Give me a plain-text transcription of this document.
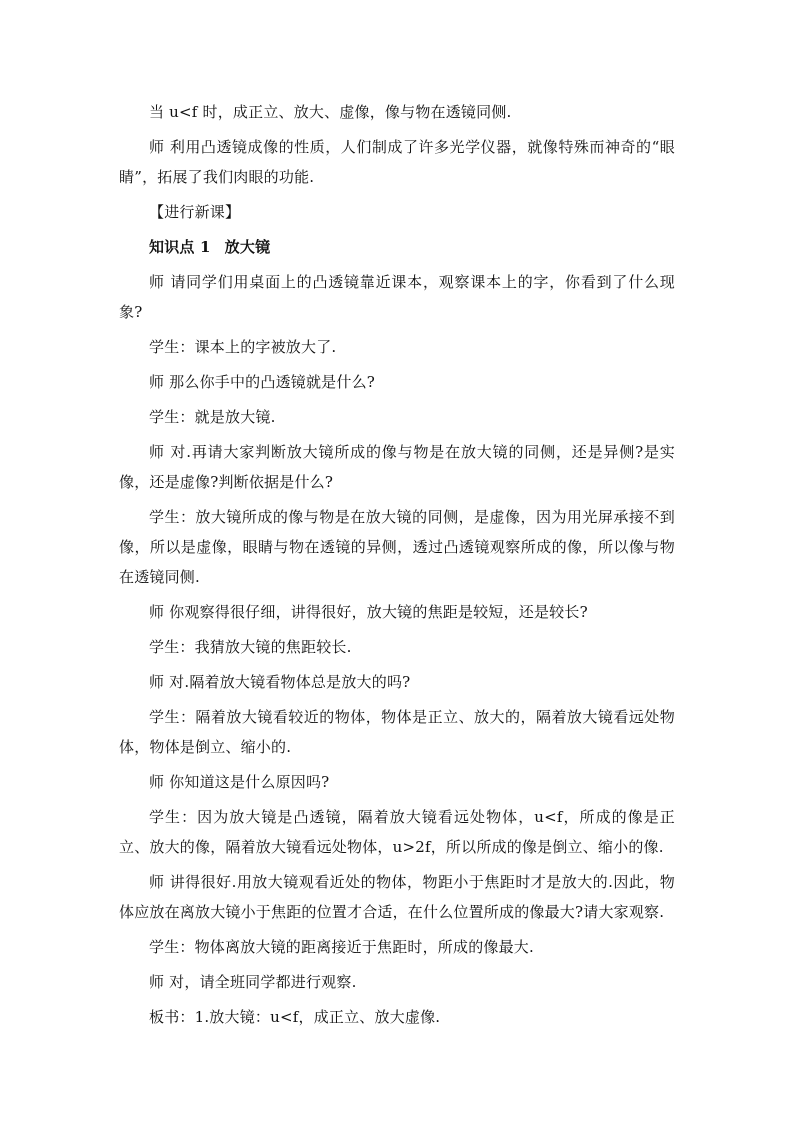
当 u<f 时，成正立、放大、虚像，像与物在透镜同侧.

师 利用凸透镜成像的性质，人们制成了许多光学仪器，就像特殊而神奇的“眼睛”，拓展了我们肉眼的功能.

【进行新课】

知识点 1 放大镜

师 请同学们用桌面上的凸透镜靠近课本，观察课本上的字，你看到了什么现象?

学生：课本上的字被放大了.

师 那么你手中的凸透镜就是什么?

学生：就是放大镜.

师 对.再请大家判断放大镜所成的像与物是在放大镜的同侧，还是异侧?是实像，还是虚像?判断依据是什么?

学生：放大镜所成的像与物是在放大镜的同侧，是虚像，因为用光屏承接不到像，所以是虚像，眼睛与物在透镜的异侧，透过凸透镜观察所成的像，所以像与物在透镜同侧.

师 你观察得很仔细，讲得很好，放大镜的焦距是较短，还是较长?

学生：我猜放大镜的焦距较长.

师 对.隔着放大镜看物体总是放大的吗?

学生：隔着放大镜看较近的物体，物体是正立、放大的，隔着放大镜看远处物体，物体是倒立、缩小的.

师 你知道这是什么原因吗?

学生：因为放大镜是凸透镜，隔着放大镜看远处物体，u<f，所成的像是正立、放大的像，隔着放大镜看远处物体，u>2f，所以所成的像是倒立、缩小的像.

师 讲得很好.用放大镜观看近处的物体，物距小于焦距时才是放大的.因此，物体应放在离放大镜小于焦距的位置才合适，在什么位置所成的像最大?请大家观察.

学生：物体离放大镜的距离接近于焦距时，所成的像最大.

师 对，请全班同学都进行观察.

板书：1.放大镜：u<f，成正立、放大虚像.
